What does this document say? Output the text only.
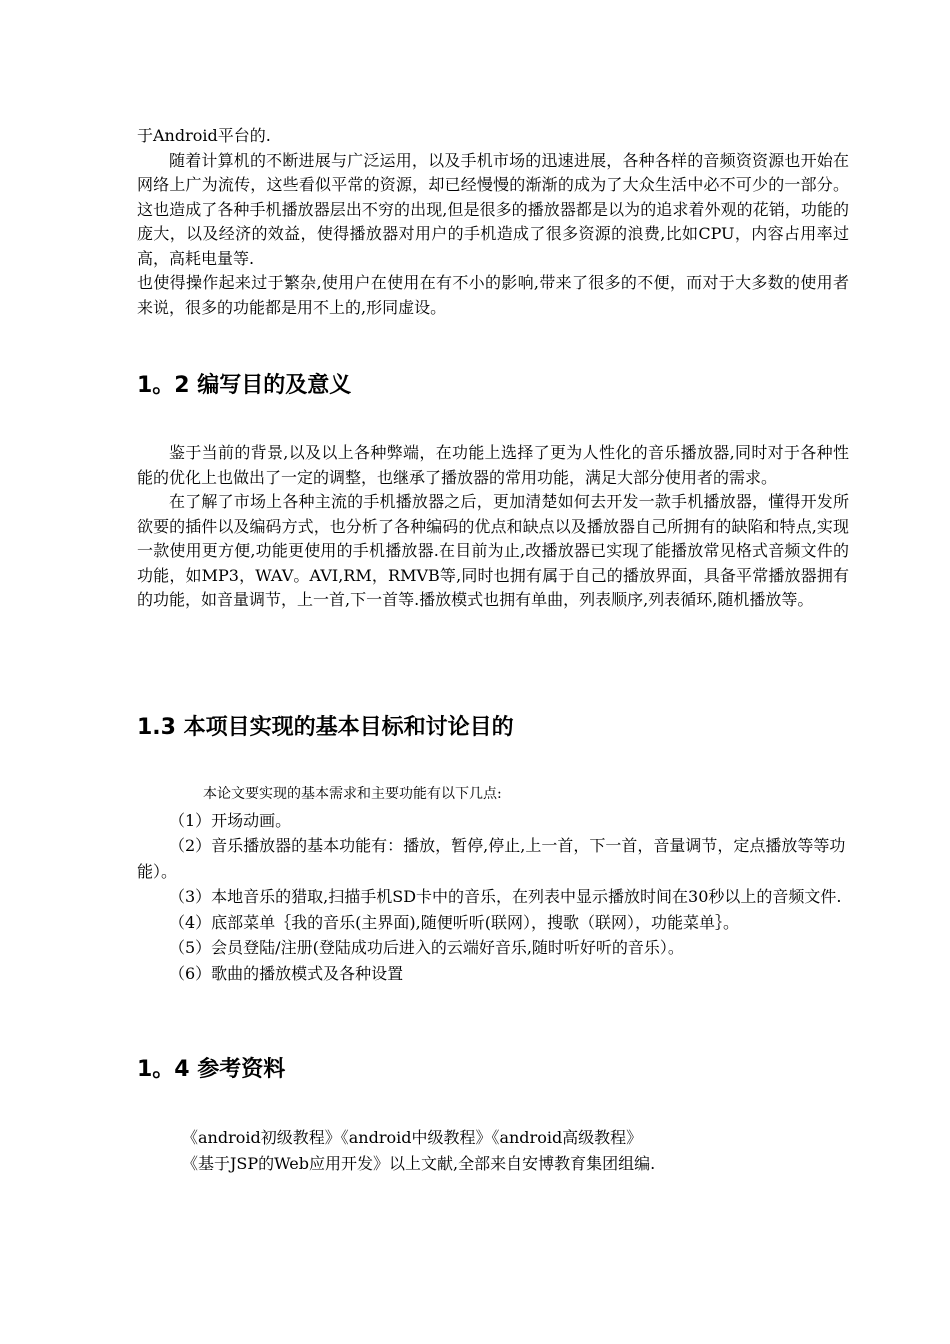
于Android平台的.

随着计算机的不断进展与广泛运用，以及手机市场的迅速进展，各种各样的音频资资源也开始在网络上广为流传，这些看似平常的资源，却已经慢慢的渐渐的成为了大众生活中必不可少的一部分。这也造成了各种手机播放器层出不穷的出现,但是很多的播放器都是以为的追求着外观的花销，功能的庞大，以及经济的效益，使得播放器对用户的手机造成了很多资源的浪费,比如CPU，内容占用率过高，高耗电量等.

也使得操作起来过于繁杂,使用户在使用在有不小的影响,带来了很多的不便，而对于大多数的使用者来说，很多的功能都是用不上的,形同虚设。

1。2 编写目的及意义

鉴于当前的背景,以及以上各种弊端，在功能上选择了更为人性化的音乐播放器,同时对于各种性能的优化上也做出了一定的调整，也继承了播放器的常用功能，满足大部分使用者的需求。

在了解了市场上各种主流的手机播放器之后，更加清楚如何去开发一款手机播放器，懂得开发所欲要的插件以及编码方式，也分析了各种编码的优点和缺点以及播放器自己所拥有的缺陷和特点,实现一款使用更方便,功能更使用的手机播放器.在目前为止,改播放器已实现了能播放常见格式音频文件的功能，如MP3，WAV。AVI,RM，RMVB等,同时也拥有属于自己的播放界面，具备平常播放器拥有的功能，如音量调节，上一首,下一首等.播放模式也拥有单曲，列表顺序,列表循环,随机播放等。

1.3 本项目实现的基本目标和讨论目的

本论文要实现的基本需求和主要功能有以下几点:

（1）开场动画。

（2）音乐播放器的基本功能有：播放，暂停,停止,上一首，下一首，音量调节，定点播放等等功能）。

（3）本地音乐的猎取,扫描手机SD卡中的音乐，在列表中显示播放时间在30秒以上的音频文件.

（4）底部菜单｛我的音乐(主界面),随便听听(联网），搜歌（联网），功能菜单｝。

（5）会员登陆/注册(登陆成功后进入的云端好音乐,随时听好听的音乐）。

（6）歌曲的播放模式及各种设置

1。4 参考资料

《android初级教程》《android中级教程》《android高级教程》

《基于JSP的Web应用开发》以上文献,全部来自安博教育集团组编.
